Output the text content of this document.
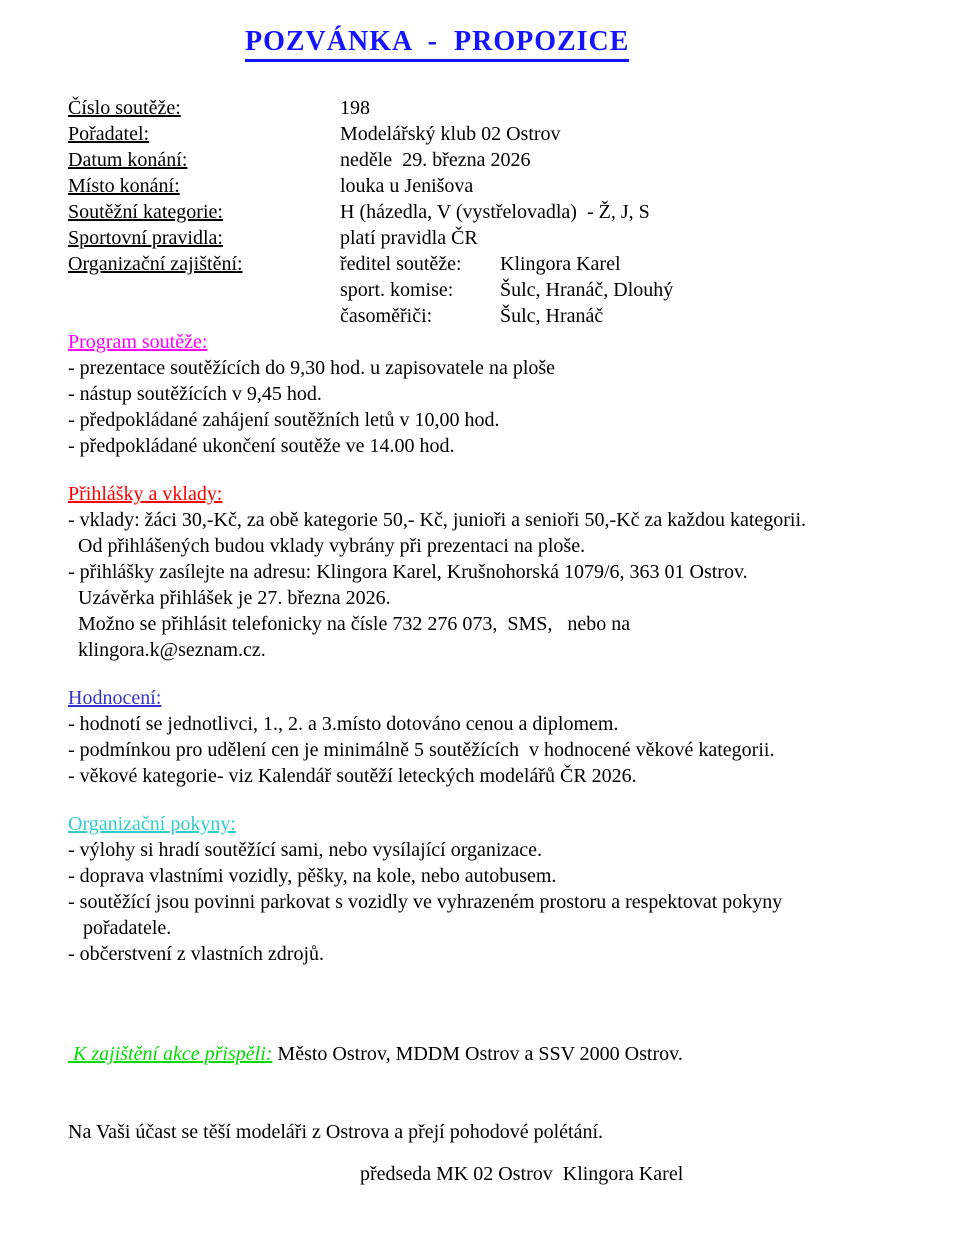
POZVÁNKA  -  PROPOZICE
Číslo soutěže:	198
Pořadatel:	Modelářský klub 02 Ostrov
Datum konání:	neděle  29. března 2026
Místo konání:	louka u Jenišova
Soutěžní kategorie:	H (házedla, V (vystřelovadla)  - Ž, J, S
Sportovní pravidla:	platí pravidla ČR
Organizační zajištění:	ředitel soutěže: Klingora Karel
sport. komise: Šulc, Hranáč, Dlouhý
časoměřiči:	Šulc, Hranáč
Program soutěže:

- prezentace soutěžících do 9,30 hod. u zapisovatele na ploše

- nástup soutěžících v 9,45 hod.

- předpokládané zahájení soutěžních letů v 10,00 hod.

- předpokládané ukončení soutěže ve 14.00 hod.

Přihlášky a vklady:

- vklady: žáci 30,-Kč, za obě kategorie 50,- Kč, junioři a senioři 50,-Kč za každou kategorii.

Od přihlášených budou vklady vybrány při prezentaci na ploše.

- přihlášky zasílejte na adresu: Klingora Karel, Krušnohorská 1079/6, 363 01 Ostrov.

Uzávěrka přihlášek je 27. března 2026.

Možno se přihlásit telefonicky na čísle 732 276 073,  SMS,   nebo na

klingora.k@seznam.cz.

Hodnocení:

- hodnotí se jednotlivci, 1., 2. a 3.místo dotováno cenou a diplomem.

- podmínkou pro udělení cen je minimálně 5 soutěžících  v hodnocené věkové kategorii.

- věkové kategorie- viz Kalendář soutěží leteckých modelářů ČR 2026.

Organizační pokyny:

- výlohy si hradí soutěžící sami, nebo vysílající organizace.

- doprava vlastními vozidly, pěšky, na kole, nebo autobusem.

- soutěžící jsou povinni parkovat s vozidly ve vyhrazeném prostoru a respektovat pokyny

pořadatele.

- občerstvení z vlastních zdrojů.

K zajištění akce přispěli: Město Ostrov, MDDM Ostrov a SSV 2000 Ostrov.

Na Vaši účast se těší modeláři z Ostrova a přejí pohodové polétání.

předseda MK 02 Ostrov  Klingora Karel
